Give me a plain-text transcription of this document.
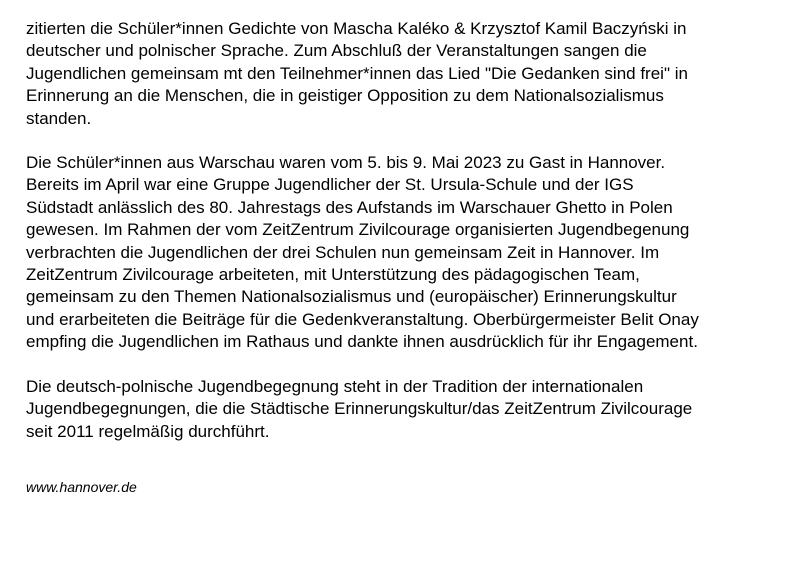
zitierten die Schüler*innen Gedichte von Mascha Kaléko & Krzysztof Kamil Baczyński in
deutscher und polnischer Sprache. Zum Abschluß der Veranstaltungen sangen die
Jugendlichen gemeinsam mt den Teilnehmer*innen das Lied "Die Gedanken sind frei" in
Erinnerung an die Menschen, die in geistiger Opposition zu dem Nationalsozialismus
standen.

Die Schüler*innen aus Warschau waren vom 5. bis 9. Mai 2023 zu Gast in Hannover.
Bereits im April war eine Gruppe Jugendlicher der St. Ursula-Schule und der IGS
Südstadt anlässlich des 80. Jahrestags des Aufstands im Warschauer Ghetto in Polen
gewesen. Im Rahmen der vom ZeitZentrum Zivilcourage organisierten Jugendbegenung
verbrachten die Jugendlichen der drei Schulen nun gemeinsam Zeit in Hannover. Im
ZeitZentrum Zivilcourage arbeiteten, mit Unterstützung des pädagogischen Team,
gemeinsam zu den Themen Nationalsozialismus und (europäischer) Erinnerungskultur
und erarbeiteten die Beiträge für die Gedenkveranstaltung. Oberbürgermeister Belit Onay
empfing die Jugendlichen im Rathaus und dankte ihnen ausdrücklich für ihr Engagement.

Die deutsch-polnische Jugendbegegnung steht in der Tradition der internationalen
Jugendbegegnungen, die die Städtische Erinnerungskultur/das ZeitZentrum Zivilcourage
seit 2011 regelmäßig durchführt.

www.hannover.de
